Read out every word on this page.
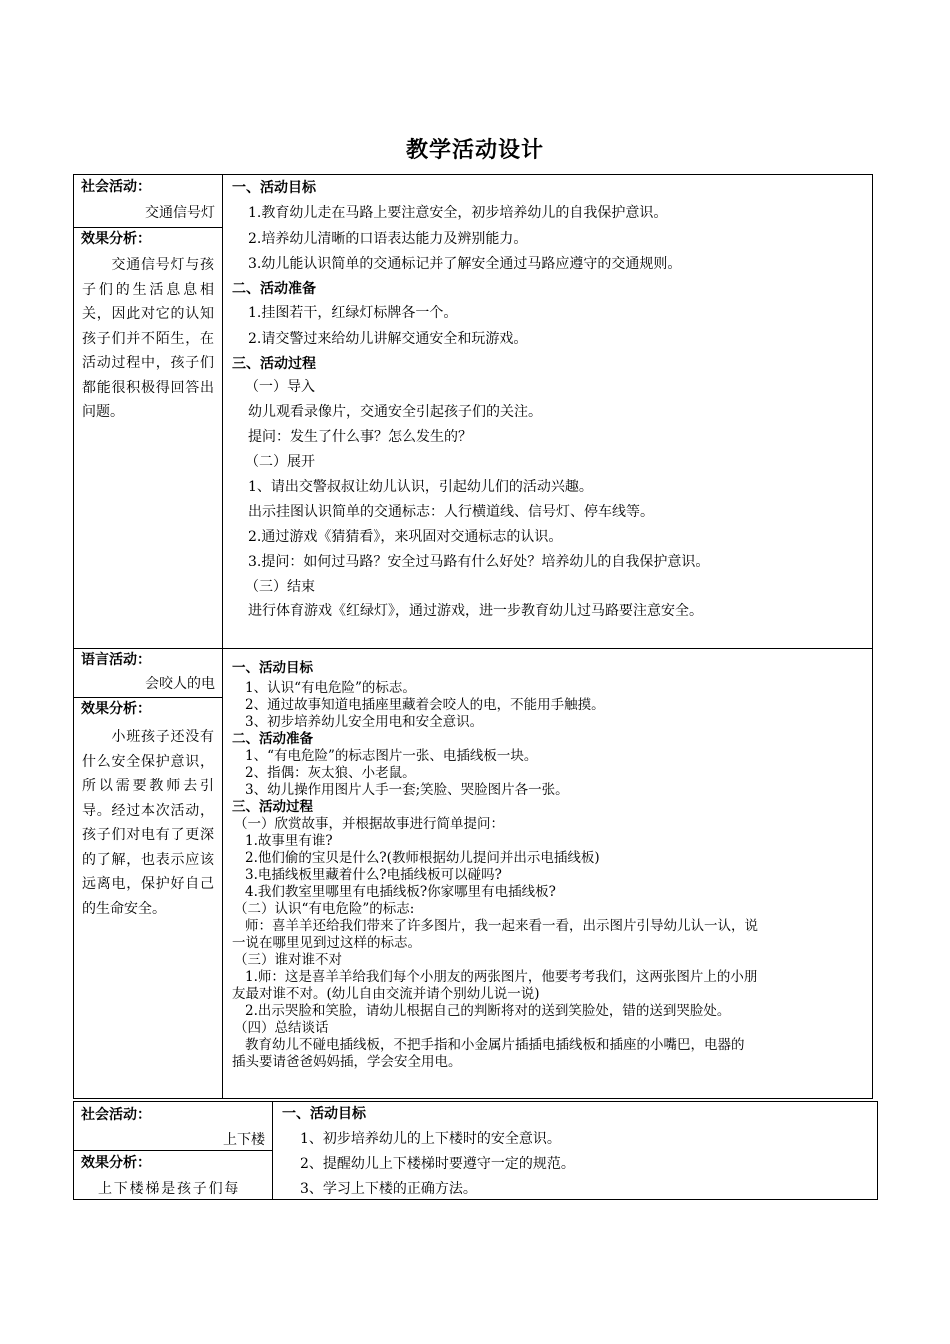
教学活动设计
社会活动：
交通信号灯
效果分析：
　　交通信号灯与孩子们的生活息息相关，因此对它的认知孩子们并不陌生，在活动过程中，孩子们都能很积极得回答出问题。
一、活动目标
1.教育幼儿走在马路上要注意安全，初步培养幼儿的自我保护意识。
2.培养幼儿清晰的口语表达能力及辨别能力。
3.幼儿能认识简单的交通标记并了解安全通过马路应遵守的交通规则。
二、活动准备
1.挂图若干，红绿灯标牌各一个。
2.请交警过来给幼儿讲解交通安全和玩游戏。
三、活动过程
（一）导入
幼儿观看录像片，交通安全引起孩子们的关注。
提问：发生了什么事？怎么发生的？
（二）展开
1、请出交警叔叔让幼儿认识，引起幼儿们的活动兴趣。
出示挂图认识简单的交通标志：人行横道线、信号灯、停车线等。
2.通过游戏《猜猜看》，来巩固对交通标志的认识。
3.提问：如何过马路？安全过马路有什么好处？培养幼儿的自我保护意识。
（三）结束
进行体育游戏《红绿灯》，通过游戏，进一步教育幼儿过马路要注意安全。
语言活动：
会咬人的电
效果分析：
　　小班孩子还没有什么安全保护意识，所以需要教师去引导。经过本次活动，孩子们对电有了更深的了解，也表示应该远离电，保护好自己的生命安全。
一、活动目标
1、认识“有电危险”的标志。
2、通过故事知道电插座里藏着会咬人的电，不能用手触摸。
3、初步培养幼儿安全用电和安全意识。
二、活动准备
1、“有电危险”的标志图片一张、电插线板一块。
2、指偶：灰太狼、小老鼠。
3、幼儿操作用图片人手一套;笑脸、哭脸图片各一张。
三、活动过程
（一）欣赏故事，并根据故事进行简单提问：
1.故事里有谁?
2.他们偷的宝贝是什么?(教师根据幼儿提问并出示电插线板)
3.电插线板里藏着什么?电插线板可以碰吗?
4.我们教室里哪里有电插线板?你家哪里有电插线板?
（二）认识“有电危险”的标志:
师：喜羊羊还给我们带来了许多图片，我一起来看一看，出示图片引导幼儿认一认，说
一说在哪里见到过这样的标志。
（三）谁对谁不对
1.师：这是喜羊羊给我们每个小朋友的两张图片，他要考考我们，这两张图片上的小朋
友最对谁不对。(幼儿自由交流并请个别幼儿说一说)
2.出示哭脸和笑脸，请幼儿根据自己的判断将对的送到笑脸处，错的送到哭脸处。
（四）总结谈话
教育幼儿不碰电插线板，不把手指和小金属片插插电插线板和插座的小嘴巴，电器的
插头要请爸爸妈妈插，学会安全用电。
社会活动：
上下楼
效果分析：
上下楼梯是孩子们每
一、活动目标
1、初步培养幼儿的上下楼时的安全意识。
2、提醒幼儿上下楼梯时要遵守一定的规范。
3、学习上下楼的正确方法。
